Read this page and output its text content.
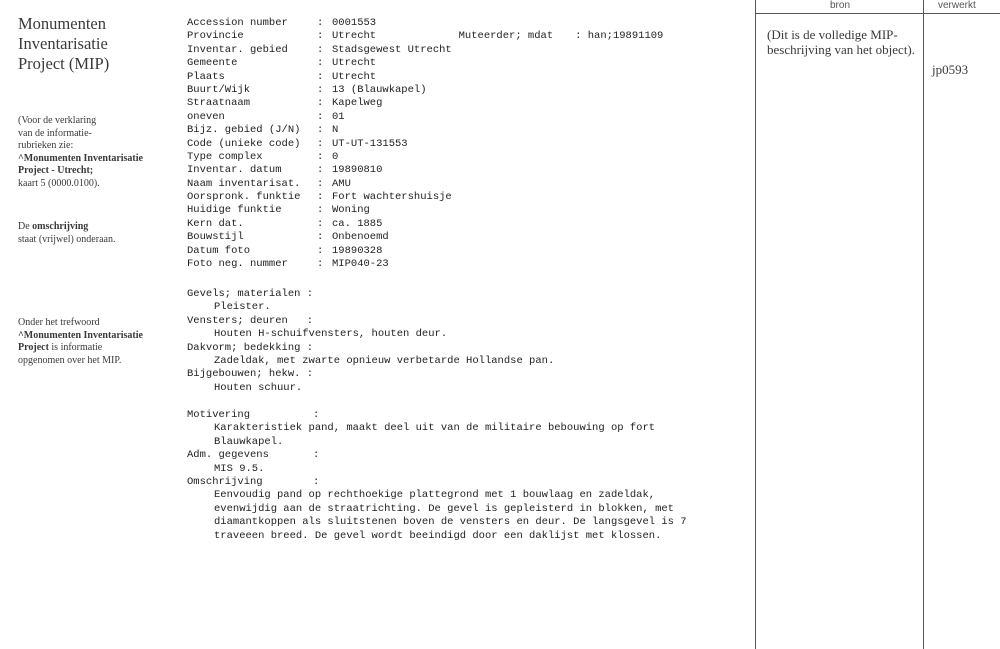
Monumenten
Inventarisatie
Project (MIP)
(Voor de verklaring
van de informatie-
rubrieken zie:
^Monumenten Inventarisatie
Project - Utrecht;
kaart 5 (0000.0100).
De omschrijving
staat (vrijwel) onderaan.
Onder het trefwoord
^Monumenten Inventarisatie
Project is informatie
opgenomen over het MIP.

Muteerder; mdat : han;19891109

Accession number	: 0001553
Provincie	: Utrecht
Inventar. gebied	: Stadsgewest Utrecht
Gemeente	: Utrecht
Plaats	: Utrecht
Buurt/Wijk	: 13 (Blauwkapel)
Straatnaam	: Kapelweg
oneven	: 01
Bijz. gebied (J/N) : N
Code (unieke code) : UT-UT-131553
Type complex	: 0
Inventar. datum	: 19890810
Naam inventarisat. : AMU
Oorspronk. funktie : Fort wachtershuisje
Huidige funktie	: Woning
Kern dat.	: ca. 1885
Bouwstijl	: Onbenoemd
Datum foto	: 19890328
Foto neg. nummer	: MIP040-23
Gevels; materialen :
Pleister.
Vensters; deuren   :
Houten H-schuifvensters, houten deur.
Dakvorm; bedekking :
Zadeldak, met zwarte opnieuw verbetarde Hollandse pan.
Bijgebouwen; hekw. :
Houten schuur.
Motivering          :
Karakteristiek pand, maakt deel uit van de militaire bebouwing op fort
Blauwkapel.
Adm. gegevens       :
MIS 9.5.
Omschrijving        :
Eenvoudig pand op rechthoekige plattegrond met 1 bouwlaag en zadeldak,
evenwijdig aan de straatrichting. De gevel is gepleisterd in blokken, met
diamantkoppen als sluitstenen boven de vensters en deur. De langsgevel is 7
traveeen breed. De gevel wordt beeindigd door een daklijst met klossen.
bron	verwerkt
(Dit is de volledige MIP-beschrijving van het object).
jp0593
